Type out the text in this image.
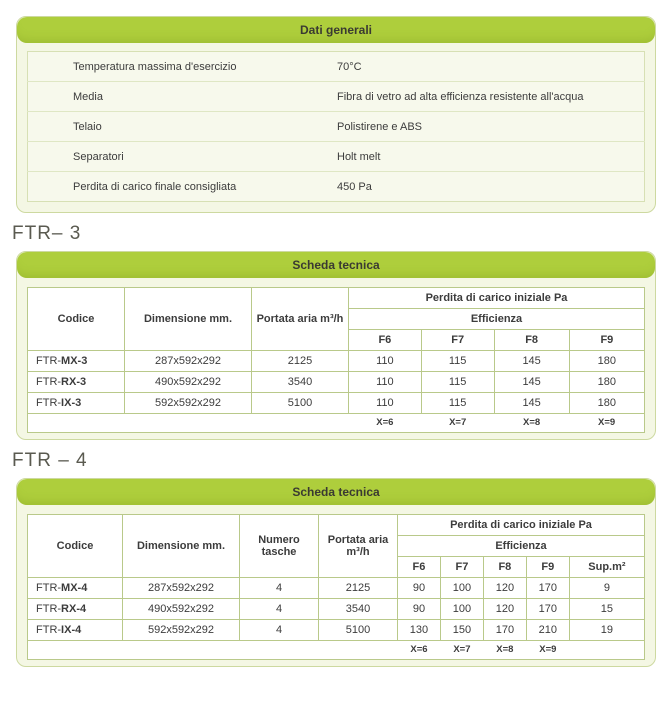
Dati generali
Temperatura massima d'esercizio	70°C
Media	Fibra di vetro ad alta efficienza resistente all'acqua
Telaio	Polistirene e ABS
Separatori	Holt melt
Perdita di carico finale consigliata	450 Pa
FTR– 3
Scheda tecnica
Codice	Dimensione mm.	Portata aria m³/h	Perdita di carico iniziale Pa			
			Efficienza			
			F6	F7	F8	F9
FTR-MX-3	287x592x292	2125	110	115	145	180
FTR-RX-3	490x592x292	3540	110	115	145	180
FTR-IX-3	592x592x292	5100	110	115	145	180
			X=6	X=7	X=8	X=9
FTR – 4
Scheda tecnica
Codice	Dimensione mm.	Numero tasche	Portata aria m³/h	Perdita di carico iniziale Pa				
				Efficienza				
				F6	F7	F8	F9	Sup.m²
FTR-MX-4	287x592x292	4	2125	90	100	120	170	9
FTR-RX-4	490x592x292	4	3540	90	100	120	170	15
FTR-IX-4	592x592x292	4	5100	130	150	170	210	19
				X=6	X=7	X=8	X=9	
